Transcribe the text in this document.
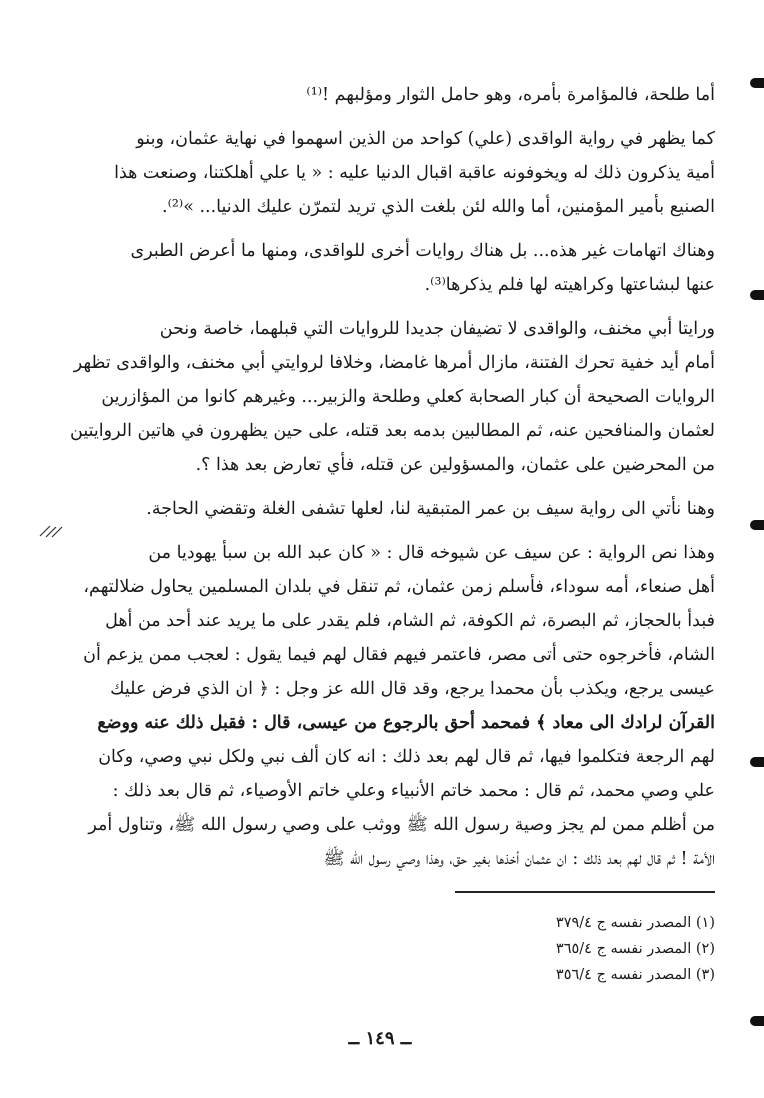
أما طلحة، فالمؤامرة بأمره، وهو حامل الثوار ومؤلبهم !⁽¹⁾
كما يظهر في رواية الواقدى (علي) كواحد من الذين اسهموا في نهاية عثمان، وبنو
أمية يذكرون ذلك له ويخوفونه عاقبة اقبال الدنيا عليه : « يا علي أهلكتنا، وصنعت هذا
الصنيع بأمير المؤمنين، أما والله لئن بلغت الذي تريد لتمرّن عليك الدنيا... »⁽²⁾.
وهناك اتهامات غير هذه... بل هناك روايات أخرى للواقدى، ومنها ما أعرض الطبرى
عنها لبشاعتها وكراهيته لها فلم يذكرها⁽³⁾.
ورايتا أبي مخنف، والواقدى لا تضيفان جديدا للروايات التي قبلهما، خاصة ونحن
أمام أيد خفية تحرك الفتنة، مازال أمرها غامضا، وخلافا لروايتي أبي مخنف، والواقدى تظهر
الروايات الصحيحة أن كبار الصحابة كعلي وطلحة والزبير... وغيرهم كانوا من المؤازرين
لعثمان والمنافحين عنه، ثم المطالبين بدمه بعد قتله، على حين يظهرون في هاتين الروايتين
من المحرضين على عثمان، والمسؤولين عن قتله، فأي تعارض بعد هذا ؟.
وهنا نأتي الى رواية سيف بن عمر المتبقية لنا، لعلها تشفى الغلة وتقضي الحاجة.
وهذا نص الرواية : عن سيف عن شيوخه قال : « كان عبد الله بن سبأ يهوديا من
أهل صنعاء، أمه سوداء، فأسلم زمن عثمان، ثم تنقل في بلدان المسلمين يحاول ضلالتهم،
فبدأ بالحجاز، ثم البصرة، ثم الكوفة، ثم الشام، فلم يقدر على ما يريد عند أحد من أهل
الشام، فأخرجوه حتى أتى مصر، فاعتمر فيهم فقال لهم فيما يقول : لعجب ممن يزعم أن
عيسى يرجع، ويكذب بأن محمدا يرجع، وقد قال الله عز وجل : ﴿ ان الذي فرض عليك
القرآن لرادك الى معاد ﴾ فمحمد أحق بالرجوع من عيسى، قال : فقبل ذلك عنه ووضع
لهم الرجعة فتكلموا فيها، ثم قال لهم بعد ذلك : انه كان ألف نبي ولكل نبي وصي، وكان
علي وصي محمد، ثم قال : محمد خاتم الأنبياء وعلي خاتم الأوصياء، ثم قال بعد ذلك :
من أظلم ممن لم يجز وصية رسول الله ﷺ ووثب على وصي رسول الله ﷺ، وتناول أمر
الأمة ! ثم قال لهم بعد ذلك : ان عثمان أخذها بغير حق، وهذا وصي رسول الله ﷺ
(١) المصدر نفسه ج ٣٧٩/٤
(٢) المصدر نفسه ج ٣٦٥/٤
(٣) المصدر نفسه ج ٣٥٦/٤
ــ ١٤٩ ــ
